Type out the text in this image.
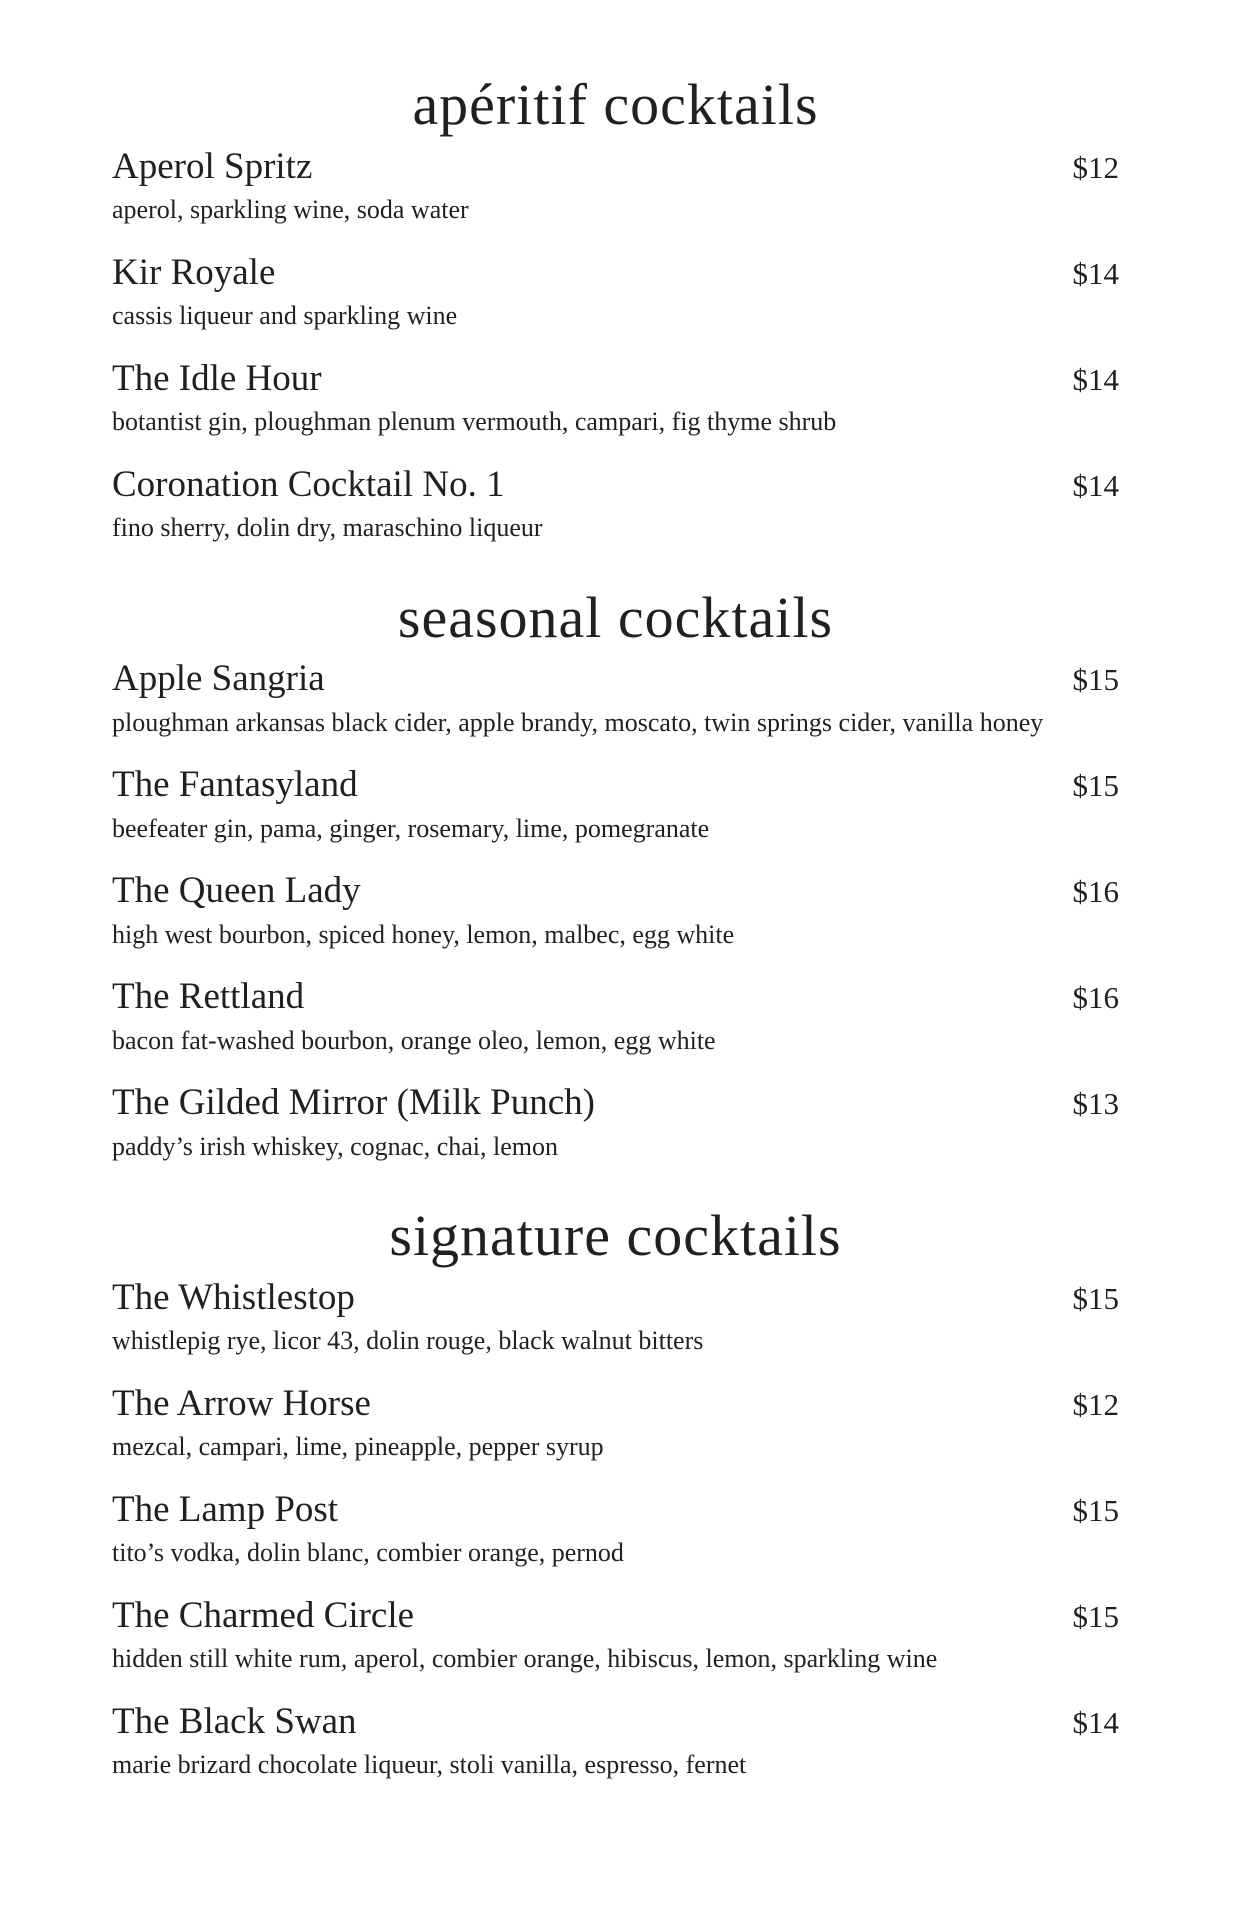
apéritif cocktails
Aperol Spritz	$12
aperol, sparkling wine, soda water
Kir Royale	$14
cassis liqueur and sparkling wine
The Idle Hour	$14
botantist gin, ploughman plenum vermouth, campari, fig thyme shrub
Coronation Cocktail No. 1	$14
fino sherry, dolin dry, maraschino liqueur
seasonal cocktails
Apple Sangria	$15
ploughman arkansas black cider, apple brandy, moscato, twin springs cider, vanilla honey
The Fantasyland	$15
beefeater gin, pama, ginger, rosemary, lime, pomegranate
The Queen Lady	$16
high west bourbon, spiced honey, lemon, malbec, egg white
The Rettland	$16
bacon fat-washed bourbon, orange oleo, lemon, egg white
The Gilded Mirror (Milk Punch)	$13
paddy’s irish whiskey, cognac, chai, lemon
signature cocktails
The Whistlestop	$15
whistlepig rye, licor 43, dolin rouge, black walnut bitters
The Arrow Horse	$12
mezcal, campari, lime, pineapple, pepper syrup
The Lamp Post	$15
tito’s vodka, dolin blanc, combier orange, pernod
The Charmed Circle	$15
hidden still white rum, aperol, combier orange, hibiscus, lemon, sparkling wine
The Black Swan	$14
marie brizard chocolate liqueur, stoli vanilla, espresso, fernet
